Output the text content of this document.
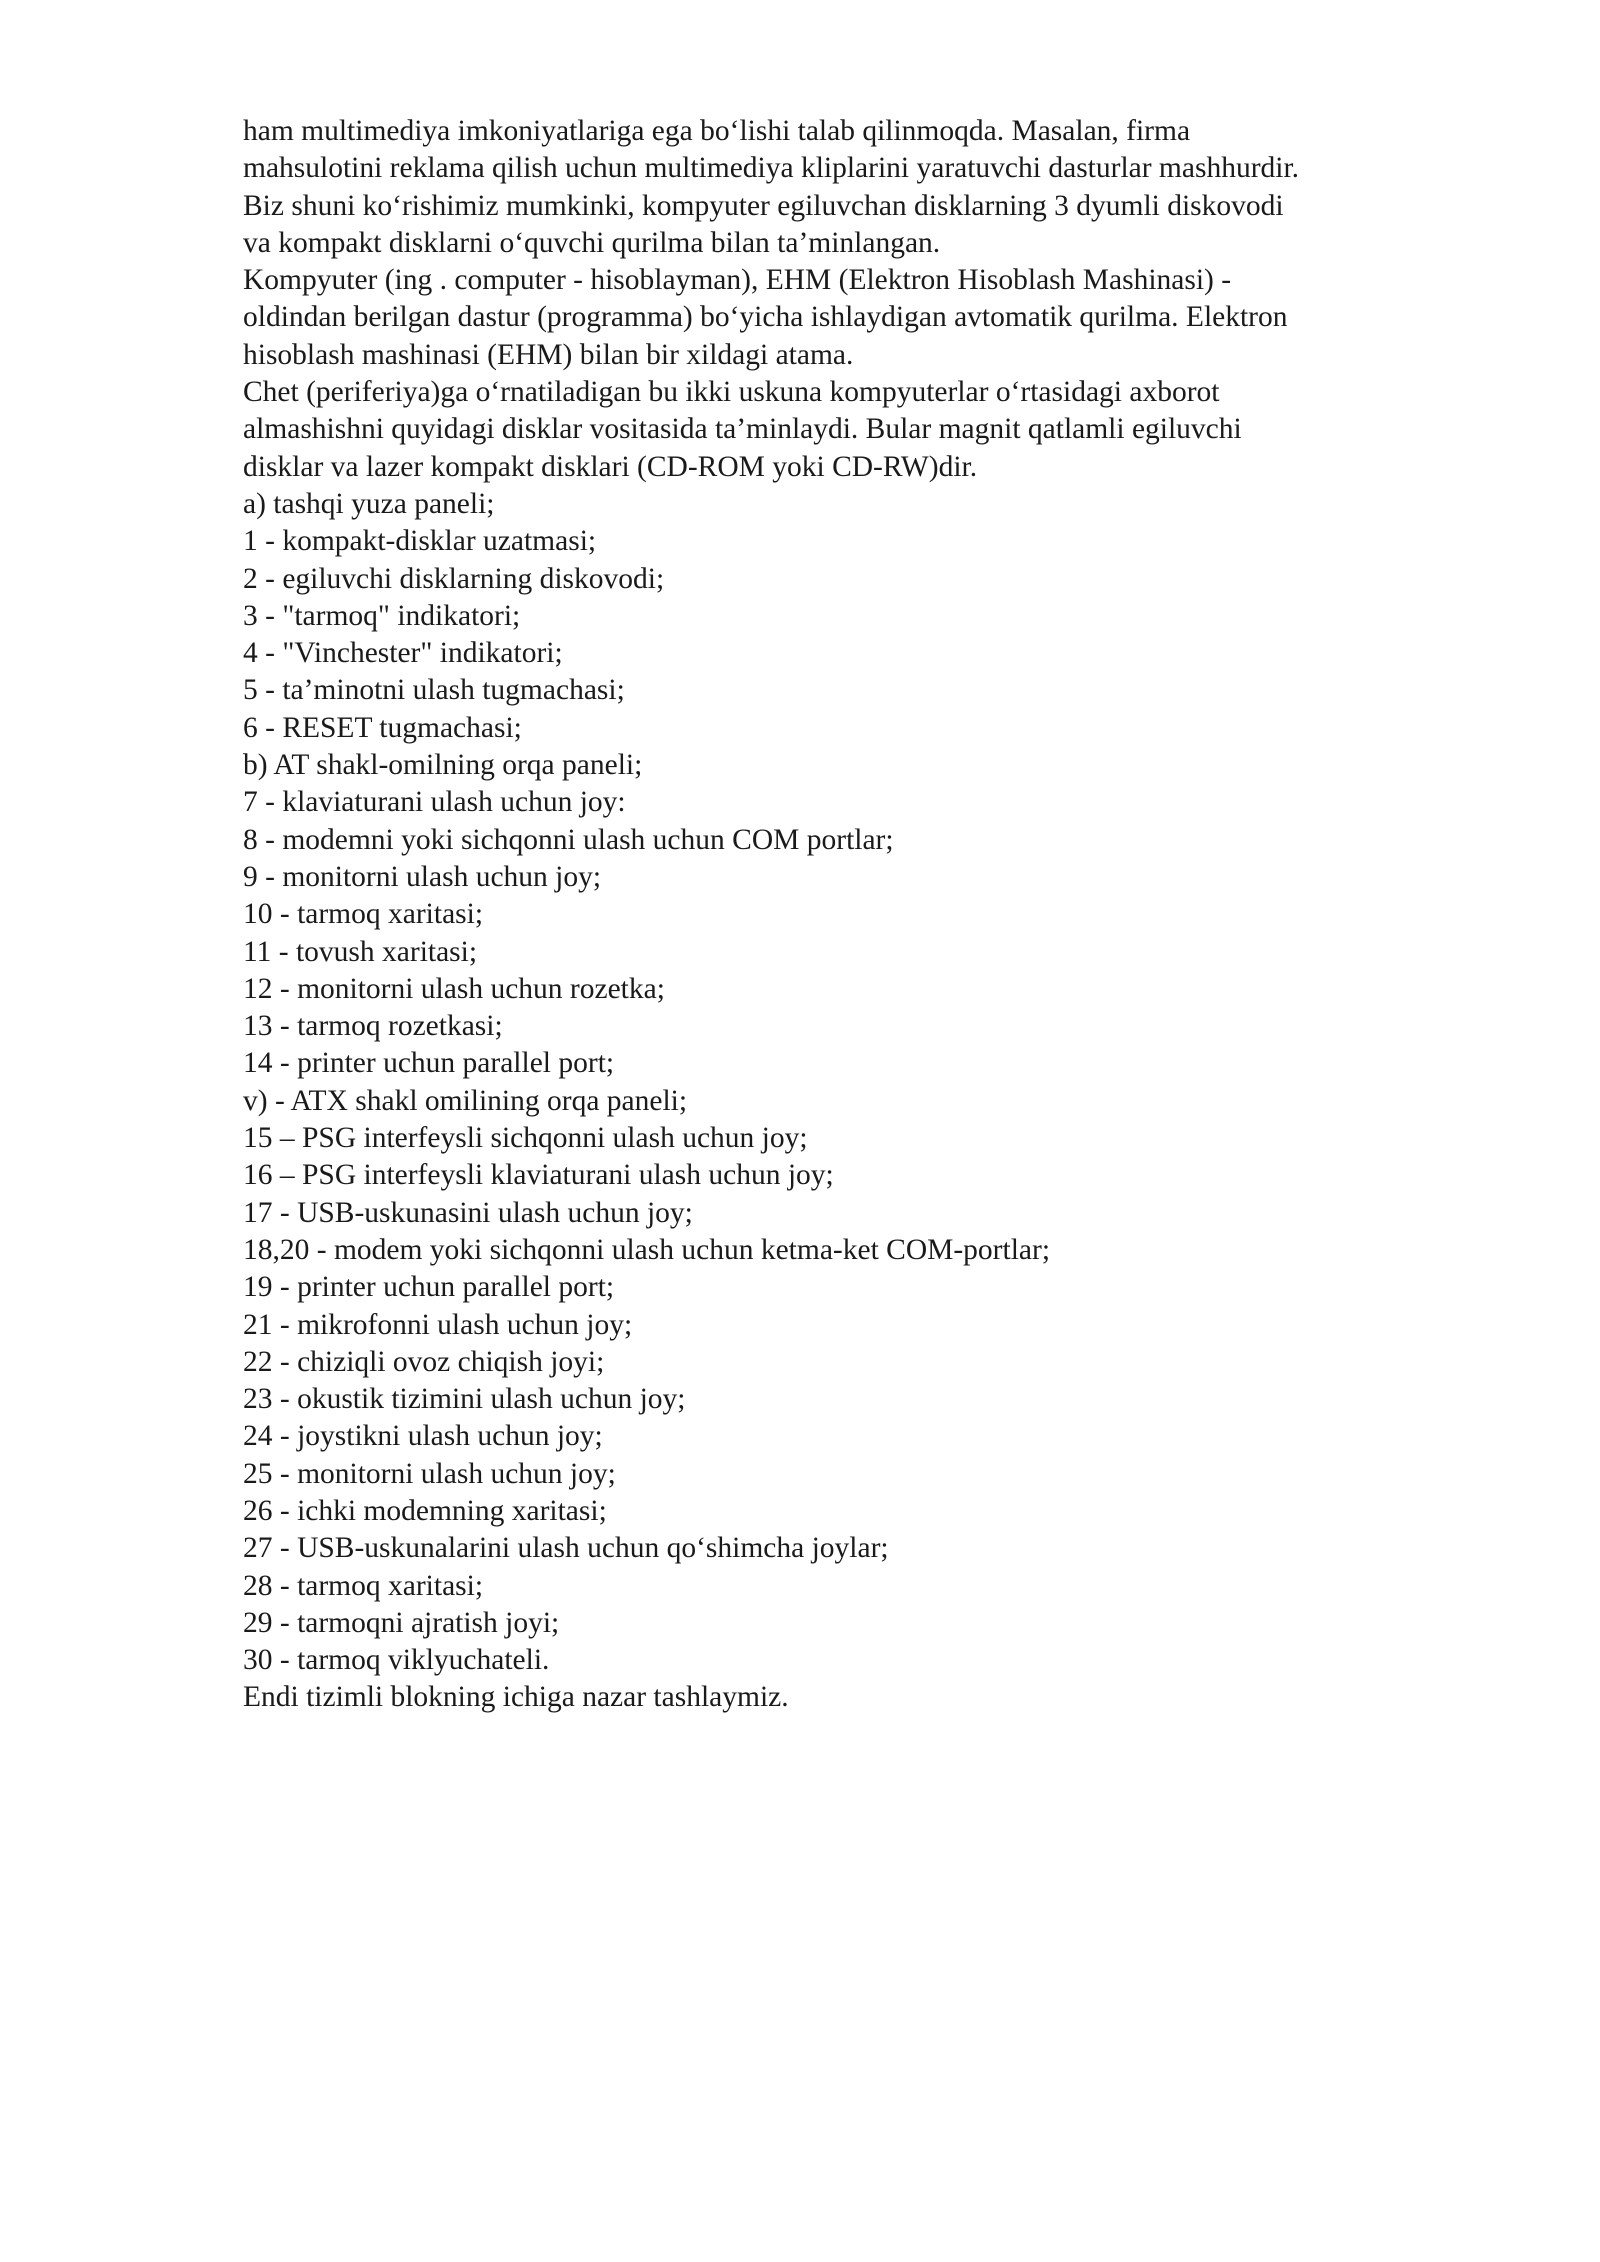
ham multimediya imkoniyatlariga ega bo‘lishi talab qilinmoqda. Masalan, firma
mahsulotini reklama qilish uchun multimediya kliplarini yaratuvchi dasturlar mashhurdir.
Biz shuni ko‘rishimiz mumkinki, kompyuter egiluvchan disklarning 3 dyumli diskovodi
va kompakt disklarni o‘quvchi qurilma bilan ta’minlangan.
Kompyuter (ing . computer - hisoblayman), EHM (Elektron Hisoblash Mashinasi) -
oldindan berilgan dastur (programma) bo‘yicha ishlaydigan avtomatik qurilma. Elektron
hisoblash mashinasi (EHM) bilan bir xildagi atama.
Chet (periferiya)ga o‘rnatiladigan bu ikki uskuna kompyuterlar o‘rtasidagi axborot
almashishni quyidagi disklar vositasida ta’minlaydi. Bular magnit qatlamli egiluvchi
disklar va lazer kompakt disklari (CD-ROM yoki CD-RW)dir.
a) tashqi yuza paneli;
1 - kompakt-disklar uzatmasi;
2 - egiluvchi disklarning diskovodi;
3 - "tarmoq" indikatori;
4 - "Vinchester" indikatori;
5 - ta’minotni ulash tugmachasi;
6 - RESET tugmachasi;
b) AT shakl-omilning orqa paneli;
7 - klaviaturani ulash uchun joy:
8 - modemni yoki sichqonni ulash uchun COM portlar;
9 - monitorni ulash uchun joy;
10 - tarmoq xaritasi;
11 - tovush xaritasi;
12 - monitorni ulash uchun rozetka;
13 - tarmoq rozetkasi;
14 - printer uchun parallel port;
v) - ATX shakl omilining orqa paneli;
15 – PSG interfeysli sichqonni ulash uchun joy;
16 – PSG interfeysli klaviaturani ulash uchun joy;
17 - USB-uskunasini ulash uchun joy;
18,20 - modem yoki sichqonni ulash uchun ketma-ket COM-portlar;
19 - printer uchun parallel port;
21 - mikrofonni ulash uchun joy;
22 - chiziqli ovoz chiqish joyi;
23 - okustik tizimini ulash uchun joy;
24 - joystikni ulash uchun joy;
25 - monitorni ulash uchun joy;
26 - ichki modemning xaritasi;
27 - USB-uskunalarini ulash uchun qo‘shimcha joylar;
28 - tarmoq xaritasi;
29 - tarmoqni ajratish joyi;
30 - tarmoq viklyuchateli.
Endi tizimli blokning ichiga nazar tashlaymiz.
